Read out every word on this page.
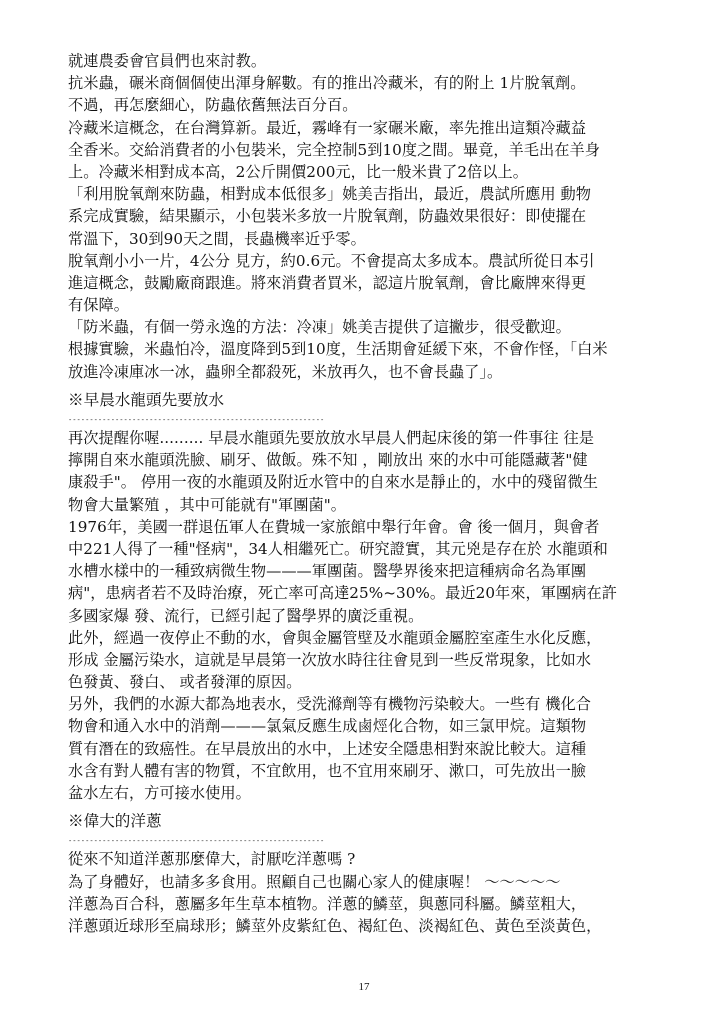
就連農委會官員們也來討教。
抗米蟲，碾米商個個使出渾身解數。有的推出冷藏米，有的附上 1片脫氧劑。
不過，再怎麼細心，防蟲依舊無法百分百。
冷藏米這概念，在台灣算新。最近，霧峰有一家碾米廠，率先推出這類冷藏益
全香米。交給消費者的小包裝米，完全控制5到10度之間。畢竟，羊毛出在羊身
上。冷藏米相對成本高，2公斤開價200元，比一般米貴了2倍以上。
「利用脫氧劑來防蟲，相對成本低很多」姚美吉指出，最近，農試所應用 動物
系完成實驗，結果顯示，小包裝米多放一片脫氧劑，防蟲效果很好：即使擺在
常溫下，30到90天之間，長蟲機率近乎零。
脫氧劑小小一片，4公分 見方，約0.6元。不會提高太多成本。農試所從日本引
進這概念，鼓勵廠商跟進。將來消費者買米，認這片脫氧劑，會比廠牌來得更
有保障。
「防米蟲，有個一勞永逸的方法：冷凍」姚美吉提供了這撇步，很受歡迎。
根據實驗，米蟲怕冷，溫度降到5到10度，生活期會延緩下來，不會作怪，「白米
放進冷凍庫冰一冰，蟲卵全都殺死，米放再久，也不會長蟲了」。
※早晨水龍頭先要放水
------------------------------------------------------------
再次提醒你喔......... 早晨水龍頭先要放放水早晨人們起床後的第一件事往 往是
擰開自來水龍頭洗臉、刷牙、做飯。殊不知 ，剛放出 來的水中可能隱藏著"健
康殺手"。 停用一夜的水龍頭及附近水管中的自來水是靜止的，水中的殘留微生
物會大量繁殖 ，其中可能就有"軍團菌"。
1976年，美國一群退伍軍人在費城一家旅館中舉行年會。會 後一個月，與會者
中221人得了一種"怪病"，34人相繼死亡。研究證實，其元兇是存在於 水龍頭和
水槽水樣中的一種致病微生物———軍團菌。醫學界後來把這種病命名為軍團
病"，患病者若不及時治療，死亡率可高達25%~30%。最近20年來，軍團病在許
多國家爆 發、流行，已經引起了醫學界的廣泛重視。
此外，經過一夜停止不動的水，會與金屬管壁及水龍頭金屬腔室產生水化反應，
形成 金屬污染水，這就是早晨第一次放水時往往會見到一些反常現象，比如水
色發黃、發白、 或者發渾的原因。
另外，我們的水源大都為地表水，受洗滌劑等有機物污染較大。一些有 機化合
物會和通入水中的消劑———氯氣反應生成鹵烴化合物，如三氯甲烷。這類物
質有潛在的致癌性。在早晨放出的水中，上述安全隱患相對來說比較大。這種
水含有對人體有害的物質，不宜飲用，也不宜用來刷牙、漱口，可先放出一臉
盆水左右，方可接水使用。
※偉大的洋蔥
------------------------------------------------------------
從來不知道洋蔥那麼偉大，討厭吃洋蔥嗎 ?
為了身體好，也請多多食用。照顧自己也關心家人的健康喔！ ～～～～～
洋蔥為百合科，蔥屬多年生草本植物。洋蔥的鱗莖，與蔥同科屬。鱗莖粗大，
洋蔥頭近球形至扁球形；鱗莖外皮紫紅色、褐紅色、淡褐紅色、黃色至淡黃色，
17
